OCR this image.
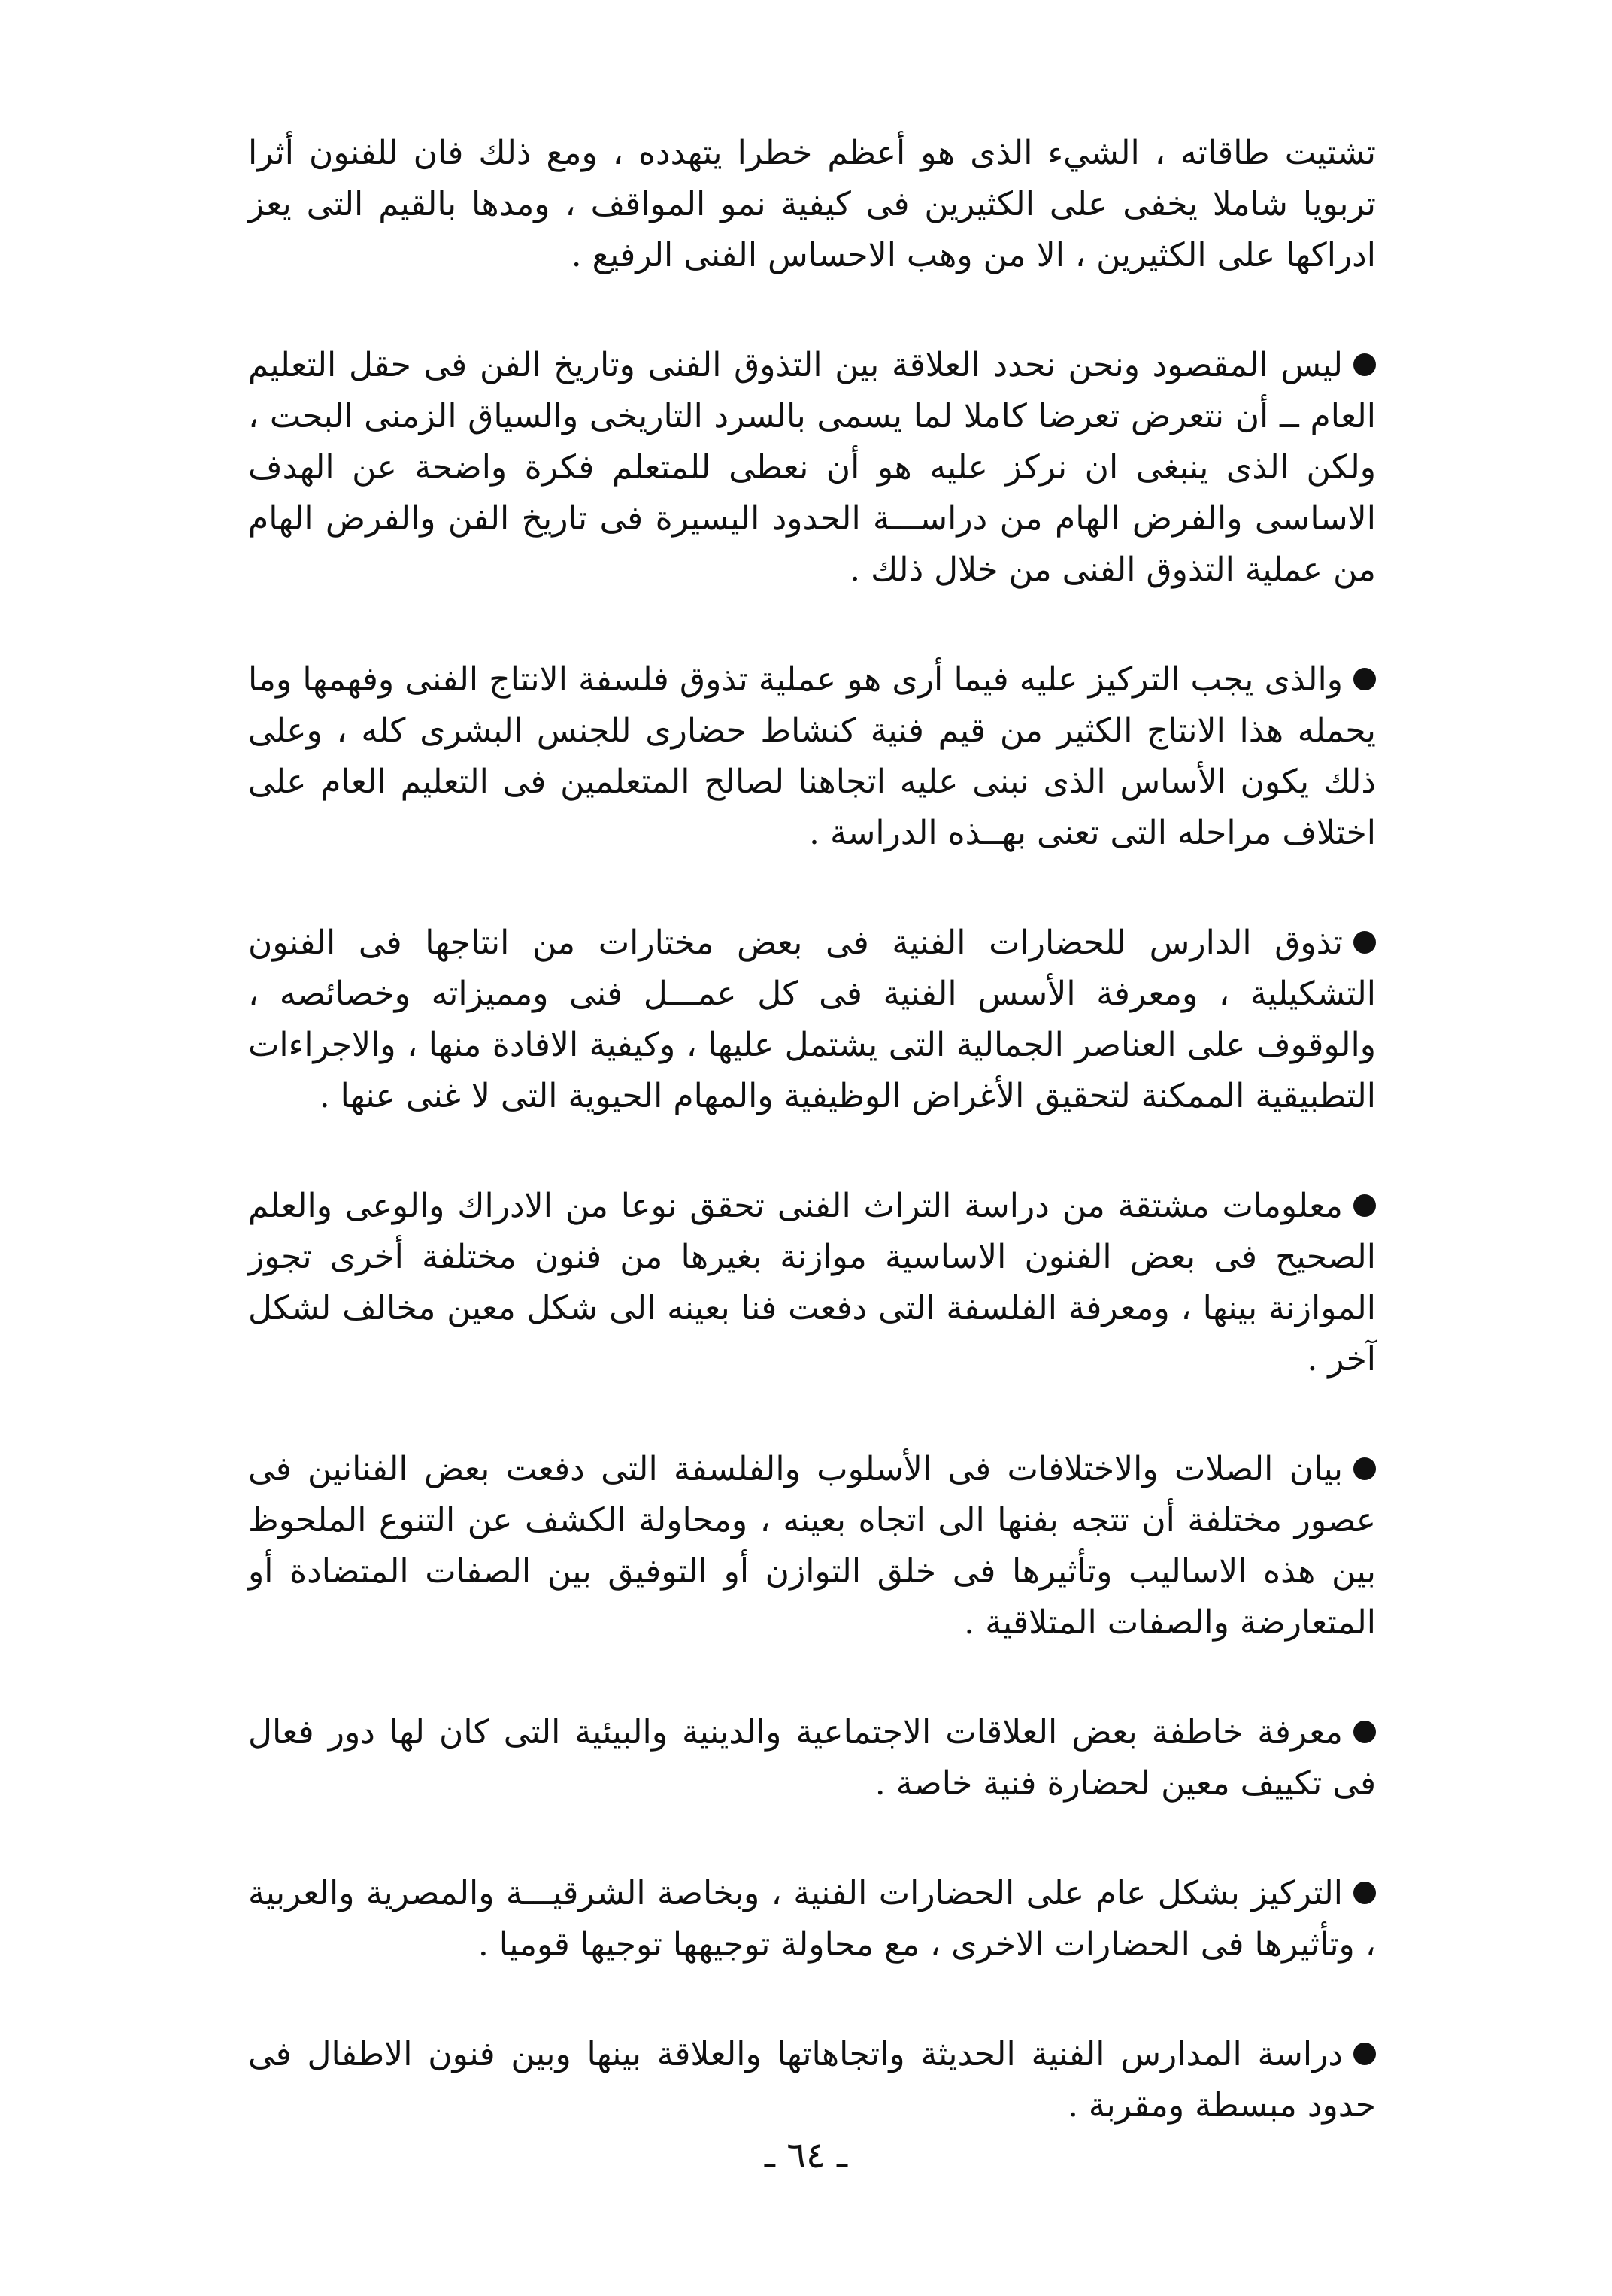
تشتيت طاقاته ، الشيء الذى هو أعظم خطرا يتهدده ، ومع ذلك فان للفنون أثرا تربويا شاملا يخفى على الكثيرين فى كيفية نمو المواقف ، ومدها بالقيم التى يعز ادراكها على الكثيرين ، الا من وهب الاحساس الفنى الرفيع .

ليس المقصود ونحن نحدد العلاقة بين التذوق الفنى وتاريخ الفن فى حقل التعليم العام ــ أن نتعرض تعرضا كاملا لما يسمى بالسرد التاريخى والسياق الزمنى البحت ، ولكن الذى ينبغى ان نركز عليه هو أن نعطى للمتعلم فكرة واضحة عن الهدف الاساسى والفرض الهام من دراســـة الحدود اليسيرة فى تاريخ الفن والفرض الهام من عملية التذوق الفنى من خلال ذلك .

والذى يجب التركيز عليه فيما أرى هو عملية تذوق فلسفة الانتاج الفنى وفهمها وما يحمله هذا الانتاج الكثير من قيم فنية كنشاط حضارى للجنس البشرى كله ، وعلى ذلك يكون الأساس الذى نبنى عليه اتجاهنا لصالح المتعلمين فى التعليم العام على اختلاف مراحله التى تعنى بهــذه الدراسة .

تذوق الدارس للحضارات الفنية فى بعض مختارات من انتاجها فى الفنون التشكيلية ، ومعرفة الأسس الفنية فى كل عمـــل فنى ومميزاته وخصائصه ، والوقوف على العناصر الجمالية التى يشتمل عليها ، وكيفية الافادة منها ، والاجراءات التطبيقية الممكنة لتحقيق الأغراض الوظيفية والمهام الحيوية التى لا غنى عنها .

معلومات مشتقة من دراسة التراث الفنى تحقق نوعا من الادراك والوعى والعلم الصحيح فى بعض الفنون الاساسية موازنة بغيرها من فنون مختلفة أخرى تجوز الموازنة بينها ، ومعرفة الفلسفة التى دفعت فنا بعينه الى شكل معين مخالف لشكل آخر .

بيان الصلات والاختلافات فى الأسلوب والفلسفة التى دفعت بعض الفنانين فى عصور مختلفة أن تتجه بفنها الى اتجاه بعينه ، ومحاولة الكشف عن التنوع الملحوظ بين هذه الاساليب وتأثيرها فى خلق التوازن أو التوفيق بين الصفات المتضادة أو المتعارضة والصفات المتلاقية .

معرفة خاطفة بعض العلاقات الاجتماعية والدينية والبيئية التى كان لها دور فعال فى تكييف معين لحضارة فنية خاصة .

التركيز بشكل عام على الحضارات الفنية ، وبخاصة الشرقيـــة والمصرية والعربية ، وتأثيرها فى الحضارات الاخرى ، مع محاولة توجيهها توجيها قوميا .

دراسة المدارس الفنية الحديثة واتجاهاتها والعلاقة بينها وبين فنون الاطفال فى حدود مبسطة ومقربة .

ـ ٦٤ ـ
